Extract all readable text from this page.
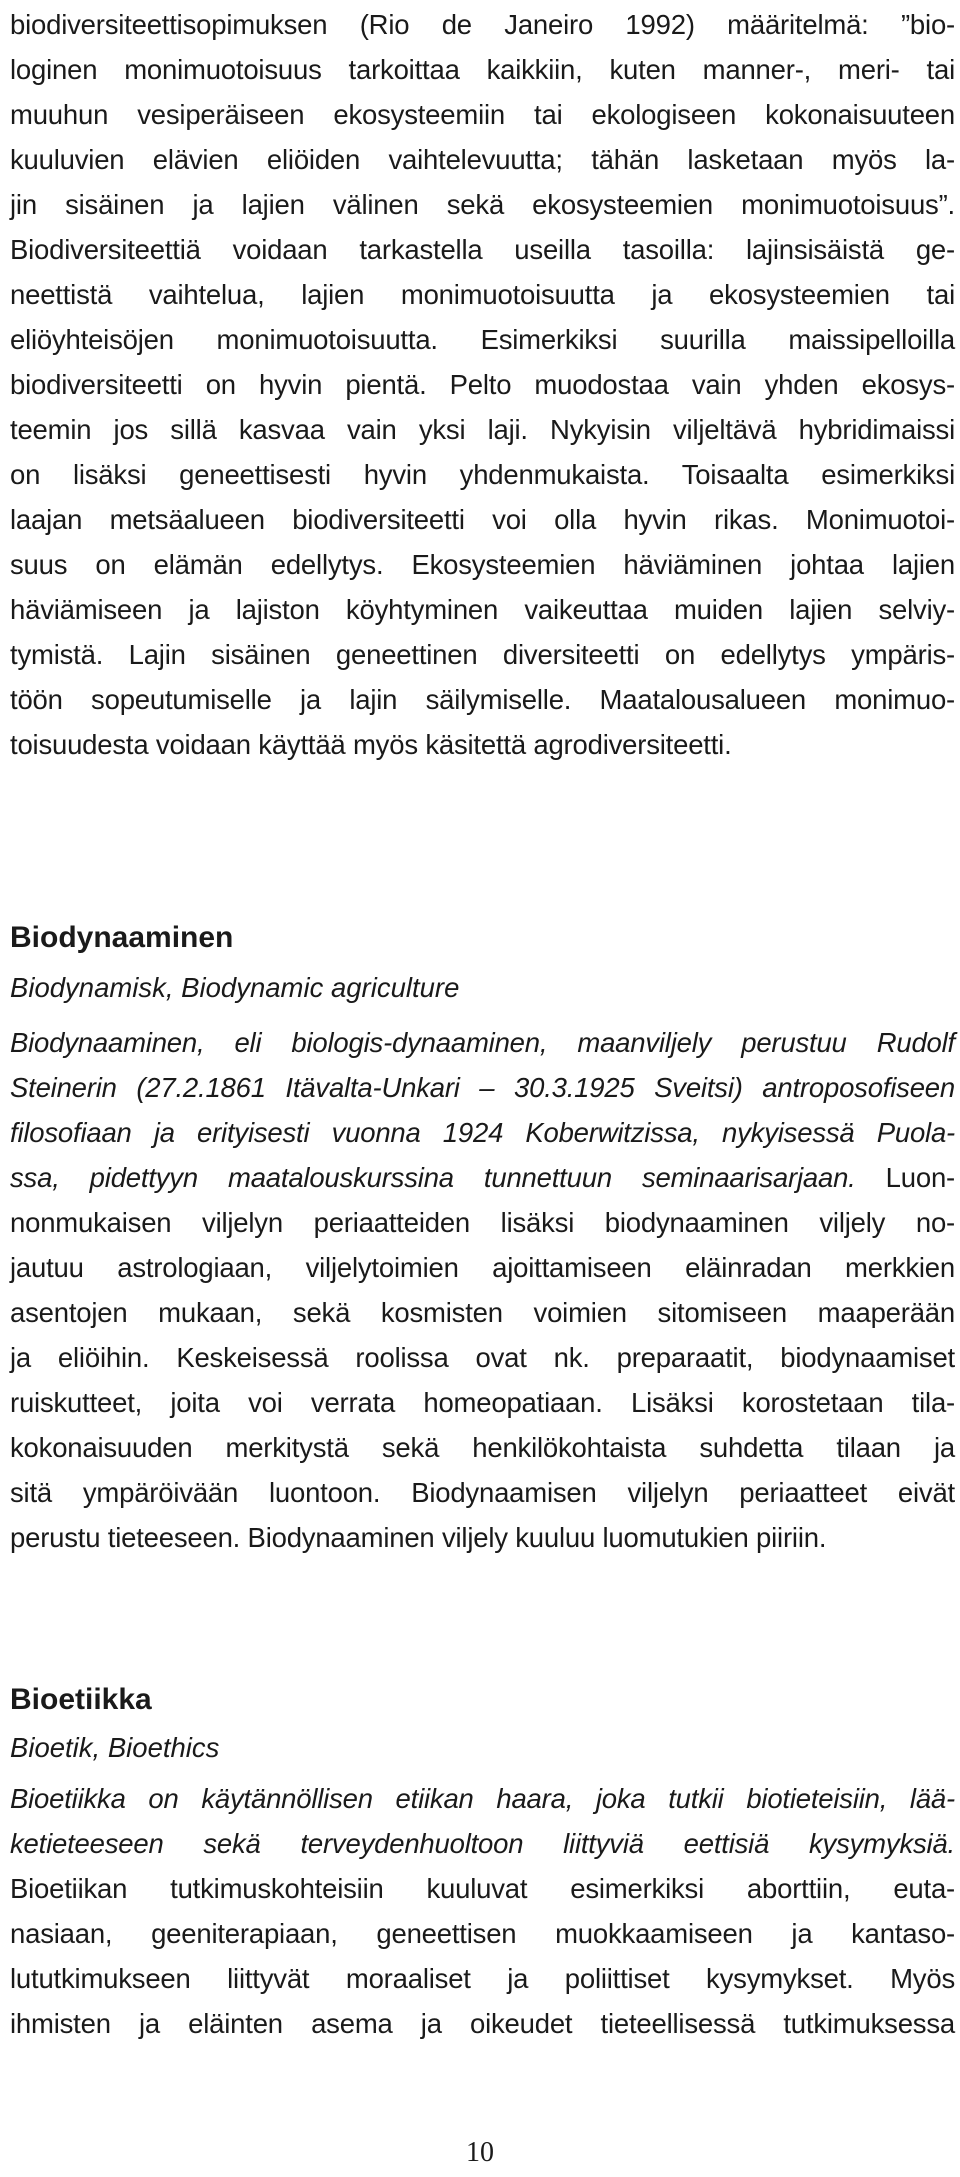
biodiversiteettisopimuksen (Rio de Janeiro 1992) määritelmä: ”bio-
loginen monimuotoisuus tarkoittaa kaikkiin, kuten manner-, meri- tai
muuhun vesiperäiseen ekosysteemiin tai ekologiseen kokonaisuuteen
kuuluvien elävien eliöiden vaihtelevuutta; tähän lasketaan myös la-
jin sisäinen ja lajien välinen sekä ekosysteemien monimuotoisuus”.
Biodiversiteettiä voidaan tarkastella useilla tasoilla: lajinsisäistä ge-
neettistä vaihtelua, lajien monimuotoisuutta ja ekosysteemien tai
eliöyhteisöjen monimuotoisuutta. Esimerkiksi suurilla maissipelloilla
biodiversiteetti on hyvin pientä. Pelto muodostaa vain yhden ekosys-
teemin jos sillä kasvaa vain yksi laji. Nykyisin viljeltävä hybridimaissi
on lisäksi geneettisesti hyvin yhdenmukaista. Toisaalta esimerkiksi
laajan metsäalueen biodiversiteetti voi olla hyvin rikas. Monimuotoi-
suus on elämän edellytys. Ekosysteemien häviäminen johtaa lajien
häviämiseen ja lajiston köyhtyminen vaikeuttaa muiden lajien selviy-
tymistä. Lajin sisäinen geneettinen diversiteetti on edellytys ympäris-
töön sopeutumiselle ja lajin säilymiselle. Maatalousalueen monimuo-
toisuudesta voidaan käyttää myös käsitettä agrodiversiteetti.
Biodynaaminen
Biodynamisk, Biodynamic agriculture
Biodynaaminen, eli biologis-dynaaminen, maanviljely perustuu Rudolf
Steinerin (27.2.1861 Itävalta-Unkari – 30.3.1925 Sveitsi) antroposofiseen
filosofiaan ja erityisesti vuonna 1924 Koberwitzissa, nykyisessä Puola-
ssa, pidettyyn maatalouskurssina tunnettuun seminaarisarjaan. Luon-
nonmukaisen viljelyn periaatteiden lisäksi biodynaaminen viljely no-
jautuu astrologiaan, viljelytoimien ajoittamiseen eläinradan merkkien
asentojen mukaan, sekä kosmisten voimien sitomiseen maaperään
ja eliöihin. Keskeisessä roolissa ovat nk. preparaatit, biodynaamiset
ruiskutteet, joita voi verrata homeopatiaan. Lisäksi korostetaan tila-
kokonaisuuden merkitystä sekä henkilökohtaista suhdetta tilaan ja
sitä ympäröivään luontoon. Biodynaamisen viljelyn periaatteet eivät
perustu tieteeseen. Biodynaaminen viljely kuuluu luomutukien piiriin.
Bioetiikka
Bioetik, Bioethics
Bioetiikka on käytännöllisen etiikan haara, joka tutkii biotieteisiin, lää-
ketieteeseen sekä terveydenhuoltoon liittyviä eettisiä kysymyksiä.
Bioetiikan tutkimuskohteisiin kuuluvat esimerkiksi aborttiin, euta-
nasiaan, geeniterapiaan, geneettisen muokkaamiseen ja kantaso-
lututkimukseen liittyvät moraaliset ja poliittiset kysymykset. Myös
ihmisten ja eläinten asema ja oikeudet tieteellisessä tutkimuksessa
10
